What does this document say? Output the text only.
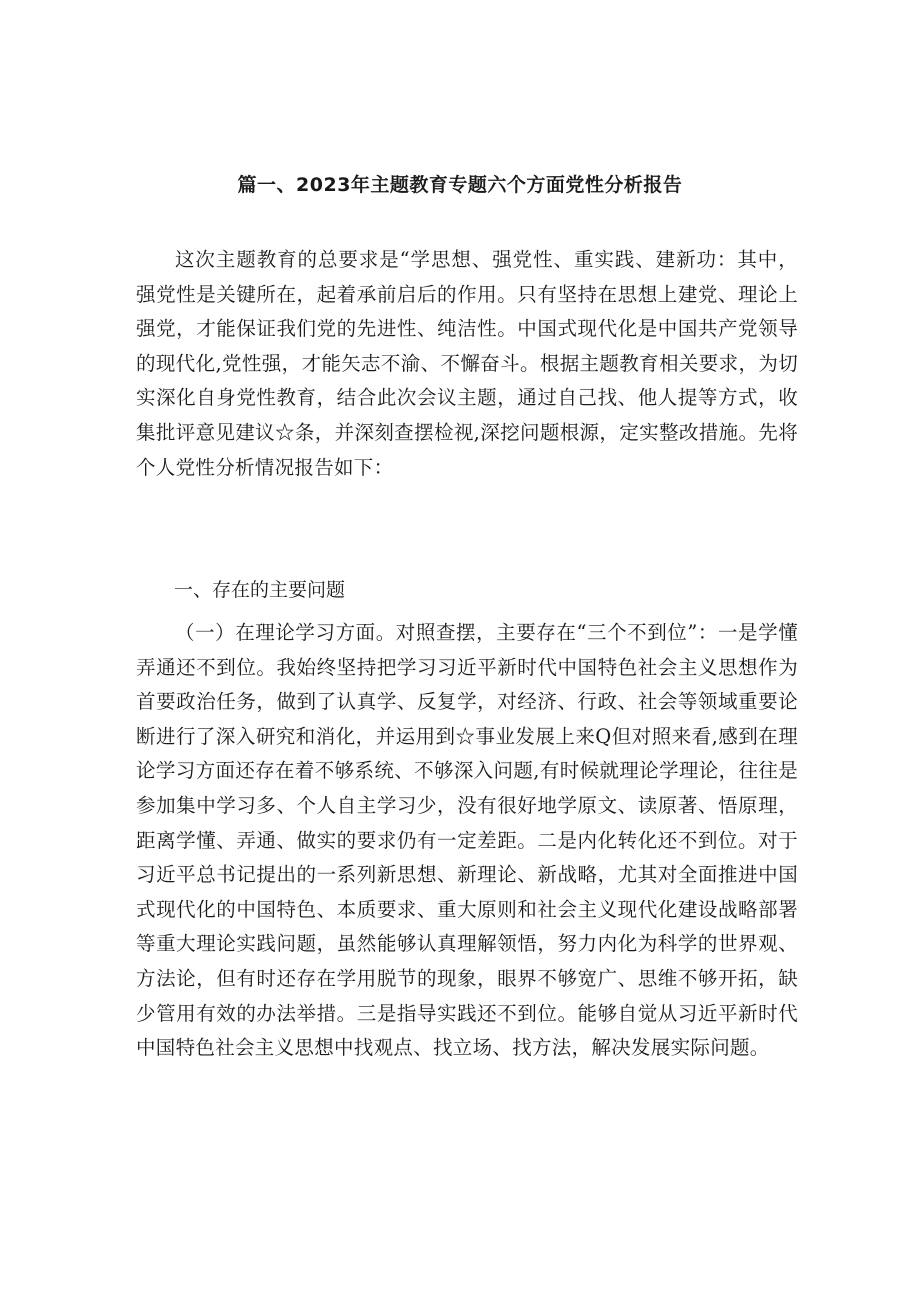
篇一、2023年主题教育专题六个方面党性分析报告

这次主题教育的总要求是“学思想、强党性、重实践、建新功：其中，强党性是关键所在，起着承前启后的作用。只有坚持在思想上建党、理论上强党，才能保证我们党的先进性、纯洁性。中国式现代化是中国共产党领导的现代化,党性强，才能矢志不渝、不懈奋斗。根据主题教育相关要求，为切实深化自身党性教育，结合此次会议主题，通过自己找、他人提等方式，收集批评意见建议☆条，并深刻查摆检视,深挖问题根源，定实整改措施。先将个人党性分析情况报告如下：

一、存在的主要问题

（一）在理论学习方面。对照查摆，主要存在“三个不到位”：一是学懂弄通还不到位。我始终坚持把学习习近平新时代中国特色社会主义思想作为首要政治任务，做到了认真学、反复学，对经济、行政、社会等领域重要论断进行了深入研究和消化，并运用到☆事业发展上来Q但对照来看,感到在理论学习方面还存在着不够系统、不够深入问题,有时候就理论学理论，往往是参加集中学习多、个人自主学习少，没有很好地学原文、读原著、悟原理，距离学懂、弄通、做实的要求仍有一定差距。二是内化转化还不到位。对于习近平总书记提出的一系列新思想、新理论、新战略，尤其对全面推进中国式现代化的中国特色、本质要求、重大原则和社会主义现代化建设战略部署等重大理论实践问题，虽然能够认真理解领悟，努力内化为科学的世界观、方法论，但有时还存在学用脱节的现象，眼界不够宽广、思维不够开拓，缺少管用有效的办法举措。三是指导实践还不到位。能够自觉从习近平新时代中国特色社会主义思想中找观点、找立场、找方法，解决发展实际问题。
